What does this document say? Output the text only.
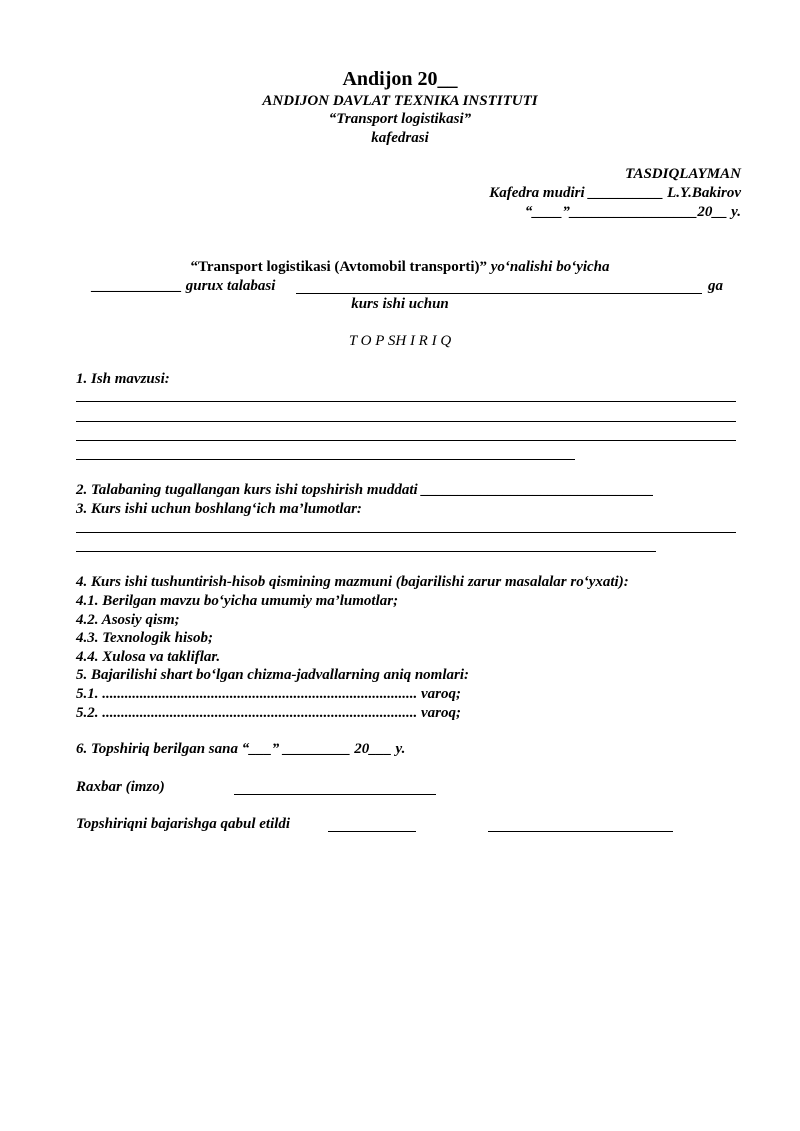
Andijon 20__
ANDIJON DAVLAT TEXNIKA INSTITUTI
“Transport logistikasi”
kafedrasi
TASDIQLAYMAN
Kafedra mudiri __________ L.Y.Bakirov
“____”_________________20__ y.
“Transport logistikasi (Avtomobil transporti)” yo‘nalishi bo‘yicha
____________ gurux talabasi	ga
kurs ishi uchun
T O P SH I R I Q
1. Ish mavzusi:
2. Talabaning tugallangan kurs ishi topshirish muddati _______________________________
3. Kurs ishi uchun boshlang‘ich ma’lumotlar:
4. Kurs ishi tushuntirish-hisob qismining mazmuni (bajarilishi zarur masalalar ro‘yxati):
4.1. Berilgan mavzu bo‘yicha umumiy ma’lumotlar;
4.2. Asosiy qism;
4.3. Texnologik hisob;
4.4. Xulosa va takliflar.
5. Bajarilishi shart bo‘lgan chizma-jadvallarning aniq nomlari:
5.1. .................................................................................... varoq;
5.2. .................................................................................... varoq;
6. Topshiriq berilgan sana “___” _________ 20___ y.
Raxbar (imzo)
Topshiriqni bajarishga qabul etildi
